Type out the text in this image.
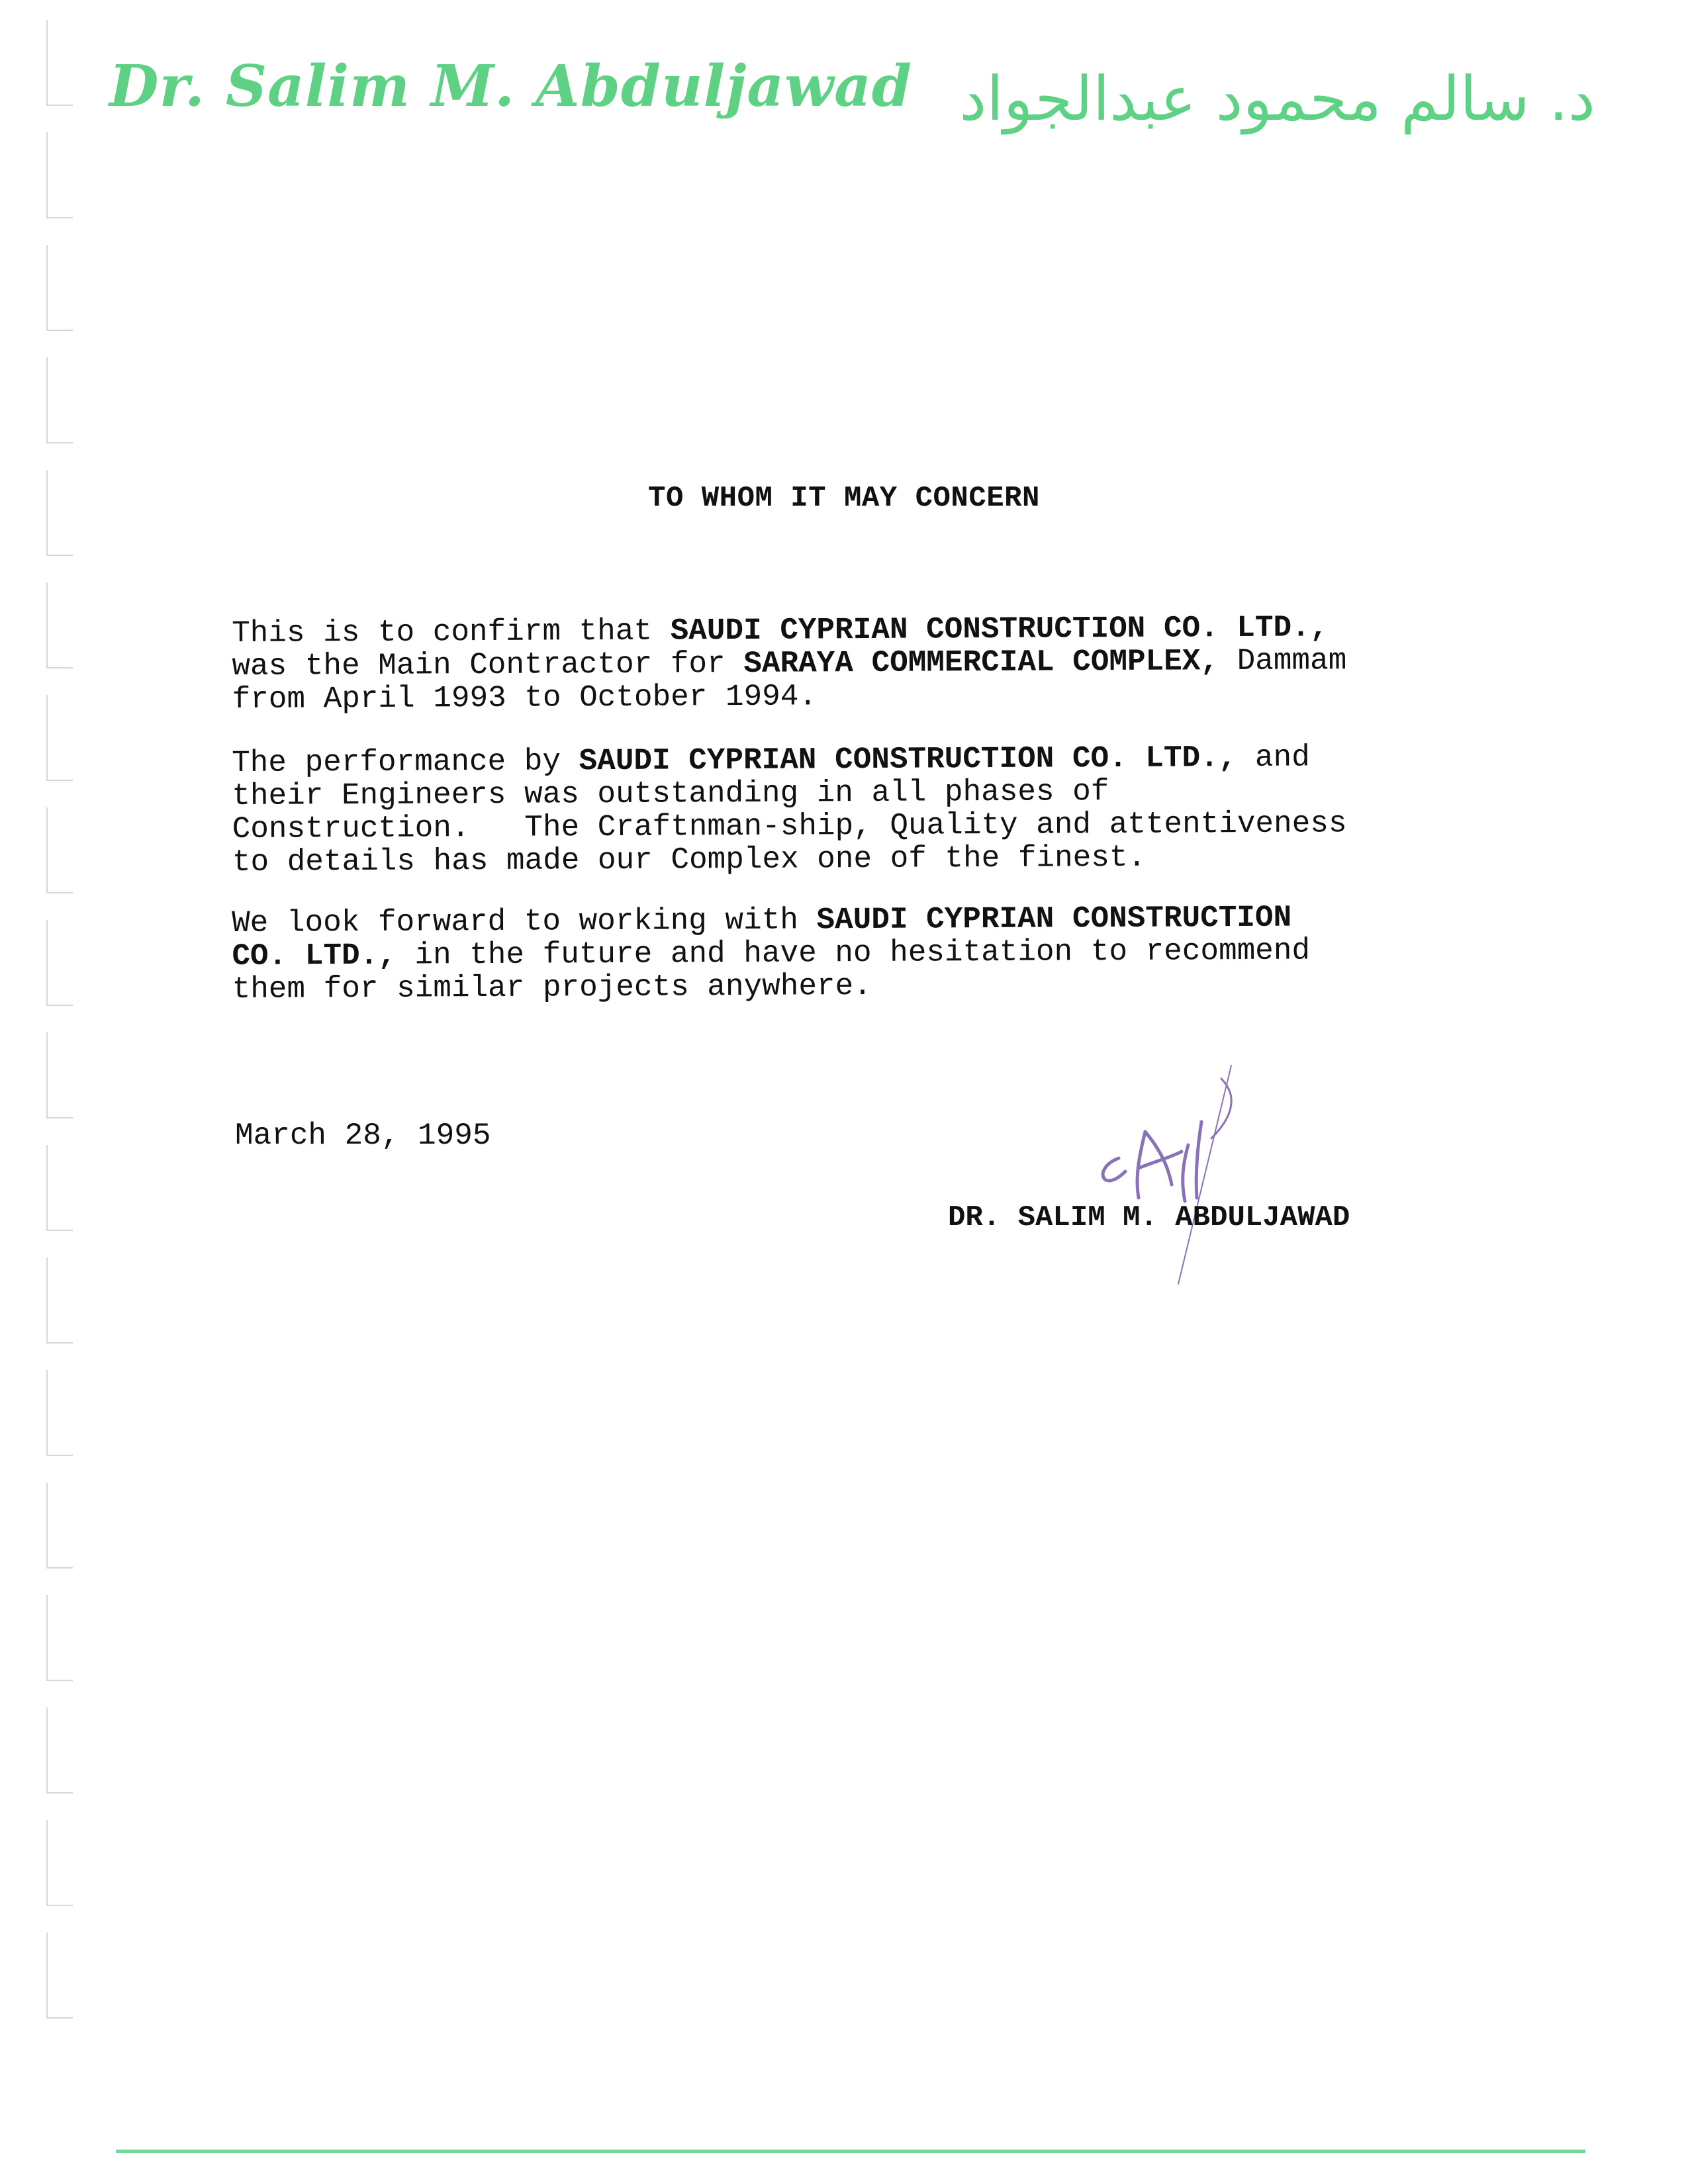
Dr. Salim M. Abduljawad د. سالم محمود عبدالجواد
TO WHOM IT MAY CONCERN
This is to confirm that SAUDI CYPRIAN CONSTRUCTION CO. LTD.,
was the Main Contractor for SARAYA COMMERCIAL COMPLEX, Dammam
from April 1993 to October 1994.
The performance by SAUDI CYPRIAN CONSTRUCTION CO. LTD., and
their Engineers was outstanding in all phases of
Construction.   The Craftnman-ship, Quality and attentiveness
to details has made our Complex one of the finest.
We look forward to working with SAUDI CYPRIAN CONSTRUCTION
CO. LTD., in the future and have no hesitation to recommend
them for similar projects anywhere.
March 28, 1995
DR. SALIM M. ABDULJAWAD
